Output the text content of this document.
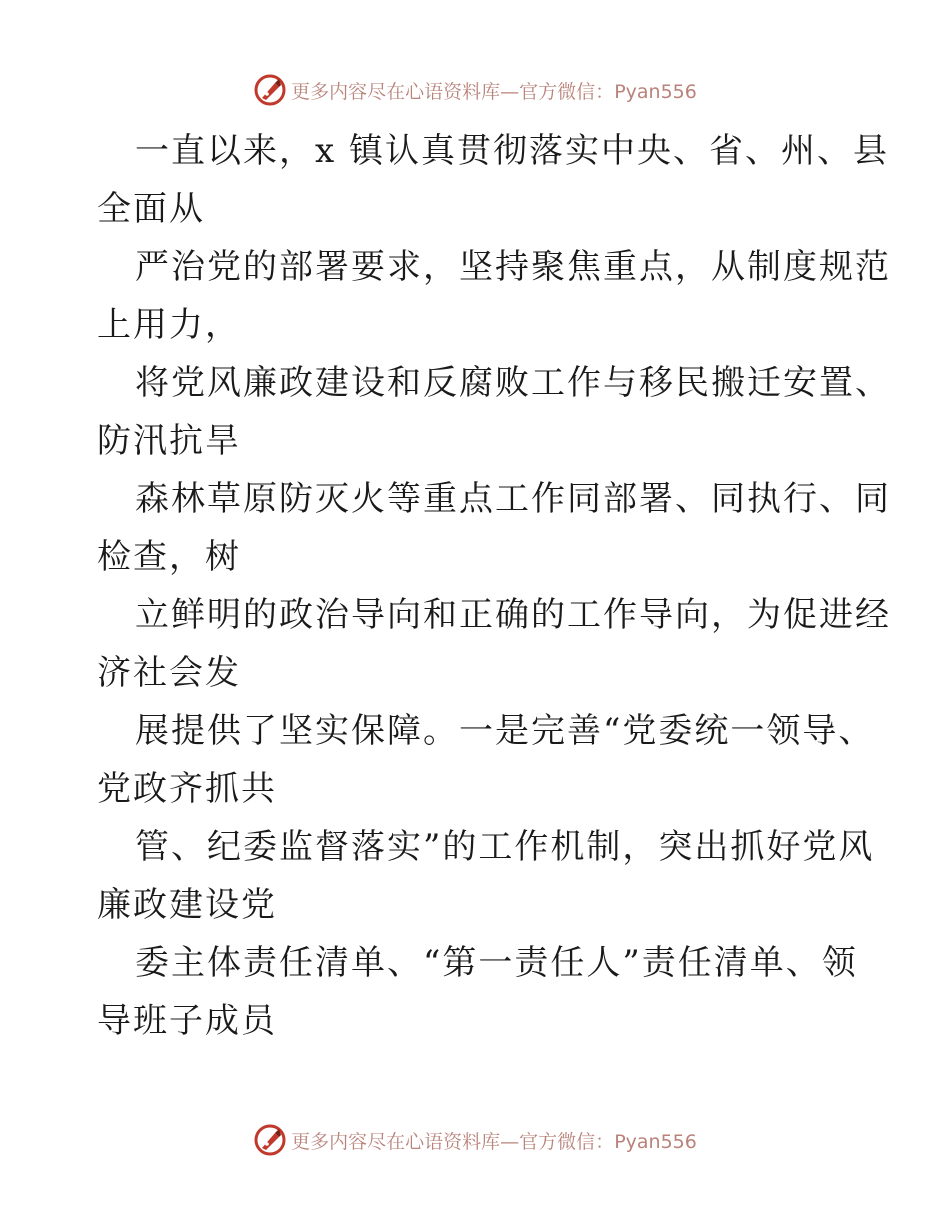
更多内容尽在心语资料库—官方微信：Pyan556
一直以来，x 镇认真贯彻落实中央、省、州、县
全面从
严治党的部署要求，坚持聚焦重点，从制度规范
上用力，
将党风廉政建设和反腐败工作与移民搬迁安置、
防汛抗旱
森林草原防灭火等重点工作同部署、同执行、同
检查，树
立鲜明的政治导向和正确的工作导向，为促进经
济社会发
展提供了坚实保障。一是完善“党委统一领导、
党政齐抓共
管、纪委监督落实”的工作机制，突出抓好党风
廉政建设党
委主体责任清单、“第一责任人”责任清单、领
导班子成员
更多内容尽在心语资料库—官方微信：Pyan556
